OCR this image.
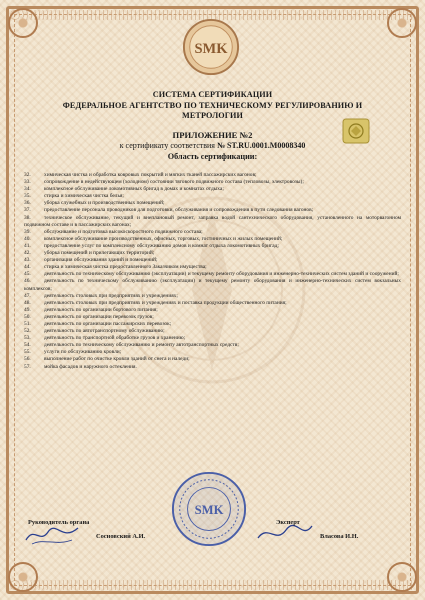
SMK
СИСТЕМА СЕРТИФИКАЦИИ
ФЕДЕРАЛЬНОЕ АГЕНТСТВО ПО ТЕХНИЧЕСКОМУ РЕГУЛИРОВАНИЮ И
МЕТРОЛОГИИ
ПРИЛОЖЕНИЕ №2
к сертификату соответствия № ST.RU.0001.M0008340
Область сертификации:

32. химическая чистка и обработка ковровых покрытий и мягких тканей пассажирских вагонов;

33. сопровождение в недействующем (холодном) состоянии тягового подвижного состава (тепловозы, электровозы);

34. комплексное обслуживание локомотивных бригад в домах и комнатах отдыха;

35. стирка и химическая чистка белья;

36. уборка служебных и производственных помещений;

37. предоставление персонала проводников для подготовки, обслуживания и сопровождения в пути следования вагонов;

38. техническое обслуживание, текущий и внеплановый ремонт, заправка водой сантехнического оборудования, установленного на моторвагонном подвижном составе и в пассажирских вагонах;

39. обслуживание и подготовка высокоскоростного подвижного состава;

40. комплексное обслуживание производственных, офисных, торговых, гостиничных и жилых помещений;

41. предоставление услуг по комплексному обслуживанию домов и комнат отдыха локомотивных бригад;

42. уборка помещений и прилегающих территорий;

43. организация обслуживания зданий и помещений;

44. стирка и химическая чистка предоставленного Заказчиком имущества;

45. деятельность по техническому обслуживанию (эксплуатации) и текущему ремонту оборудования и инженерно-технических систем зданий и сооружений;

46. деятельность по техническому обслуживанию (эксплуатации) и текущему ремонту оборудования и инженерно-технических систем вокзальных комплексов;

47. деятельность столовых при предприятиях и учреждениях;

48. деятельность столовых при предприятиях и учреждениях и поставка продукции общественного питания;

49. деятельность по организации бортового питания;

50. деятельность по организации перевозок грузов;

51. деятельность по организации пассажирских перевозок;

52. деятельность по автотранспортному обслуживанию;

53. деятельность по транспортной обработке грузов и хранению;

54. деятельность по техническому обслуживанию и ремонту автотранспортных средств;

55. услуги по обслуживанию кровли;

56. выполнение работ по очистке кровли зданий от снега и наледи;

57. мойка фасадов и наружного остекления.

SMK
Руководитель органа
Сосновский А.И.
Эксперт
Власова И.Н.
